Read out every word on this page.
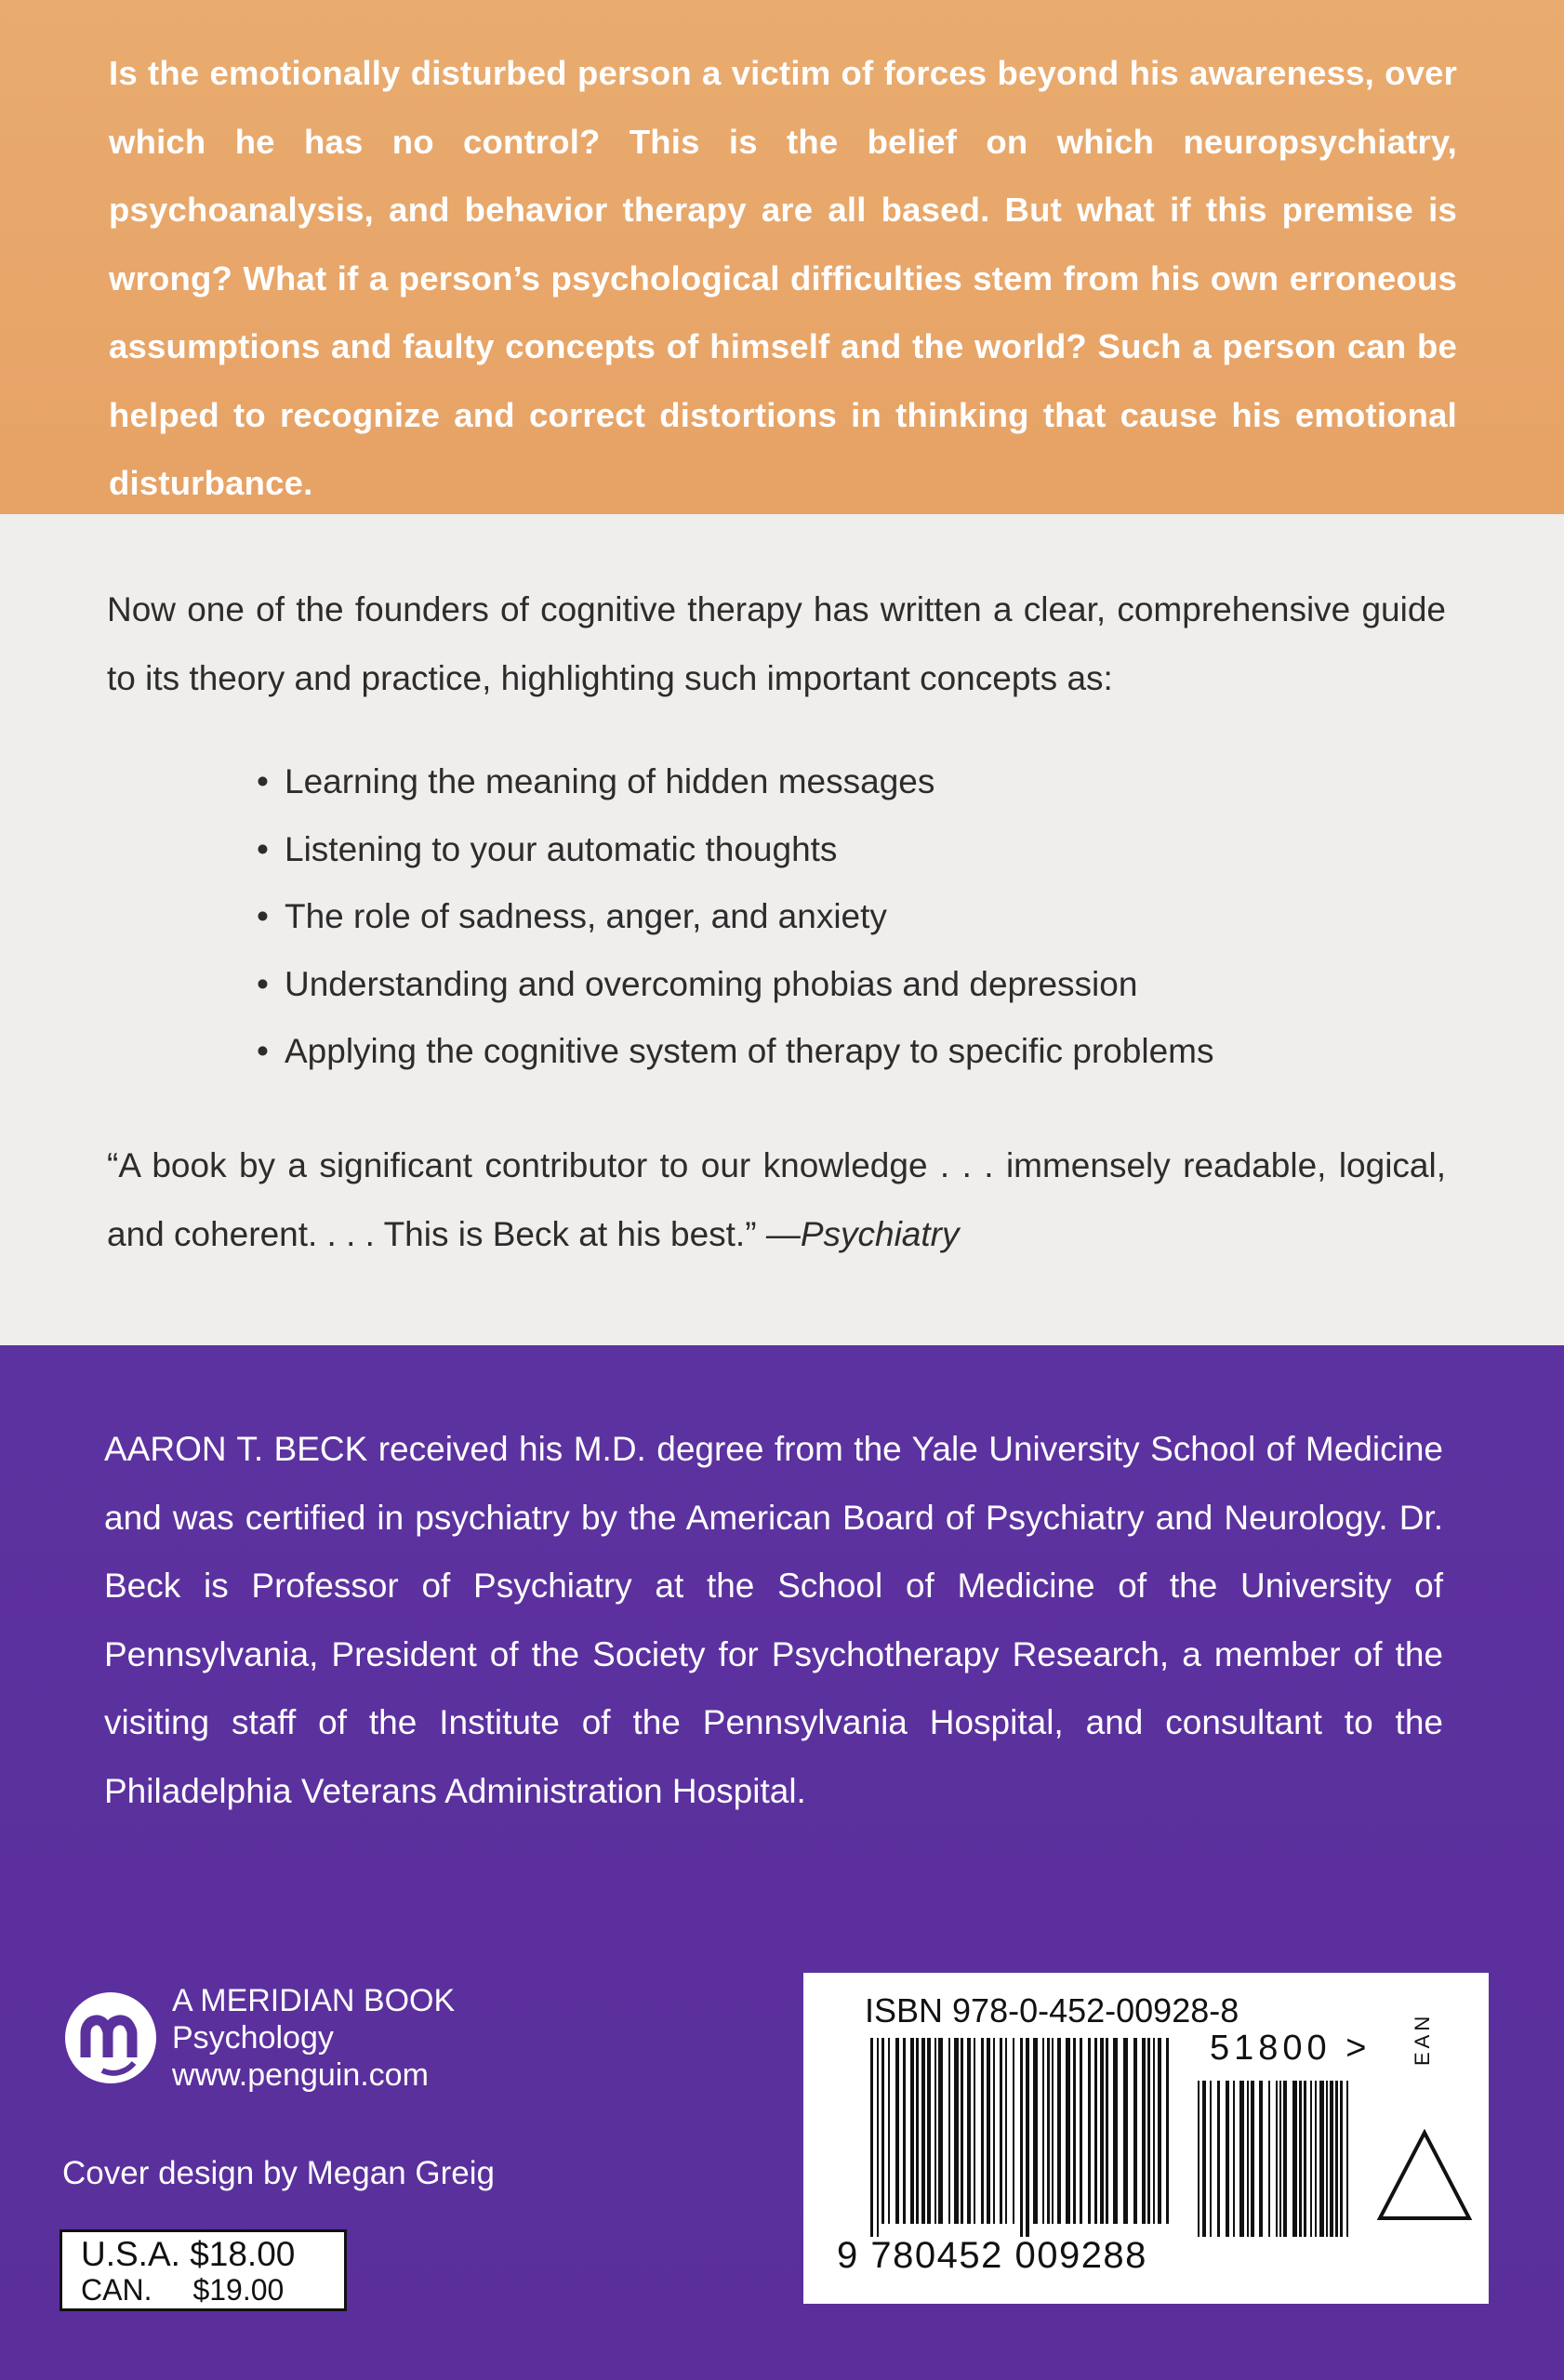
Is the emotionally disturbed person a victim of forces beyond his awareness, over which he has no control? This is the belief on which neuropsychiatry, psychoanalysis, and behavior therapy are all based. But what if this premise is wrong? What if a person’s psychological difficulties stem from his own erroneous assumptions and faulty concepts of himself and the world? Such a person can be helped to recognize and correct distortions in thinking that cause his emotional disturbance.

Now one of the founders of cognitive therapy has written a clear, comprehensive guide to its theory and practice, highlighting such important concepts as:

• Learning the meaning of hidden messages
• Listening to your automatic thoughts
• The role of sadness, anger, and anxiety
• Understanding and overcoming phobias and depression
• Applying the cognitive system of therapy to specific problems

“A book by a significant contributor to our knowledge . . . immensely readable, logical, and coherent. . . . This is Beck at his best.” —Psychiatry

AARON T. BECK received his M.D. degree from the Yale University School of Medicine and was certified in psychiatry by the American Board of Psychiatry and Neurology. Dr. Beck is Professor of Psychiatry at the School of Medicine of the University of Pennsylvania, President of the Society for Psychotherapy Research, a member of the visiting staff of the Institute of the Pennsylvania Hospital, and consultant to the Philadelphia Veterans Administration Hospital.

A MERIDIAN BOOK
Psychology
www.penguin.com
Cover design by Megan Greig
U.S.A. $18.00
CAN. $19.00
ISBN 978-0-452-00928-8
9 780452 009288
51800 > EAN
